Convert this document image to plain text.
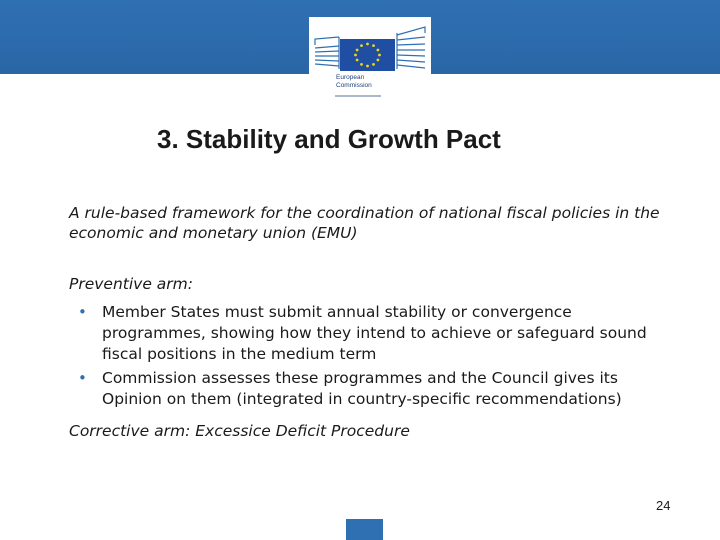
European
Commission
3. Stability and Growth Pact

A rule-based framework for the coordination of national fiscal policies in the economic and monetary union (EMU)

Preventive arm:

• Member States must submit annual stability or convergence programmes, showing how they intend to achieve or safeguard sound fiscal positions in the medium term
• Commission assesses these programmes and the Council gives its Opinion on them (integrated in country-specific recommendations)

Corrective arm: Excessice Deficit Procedure

24
